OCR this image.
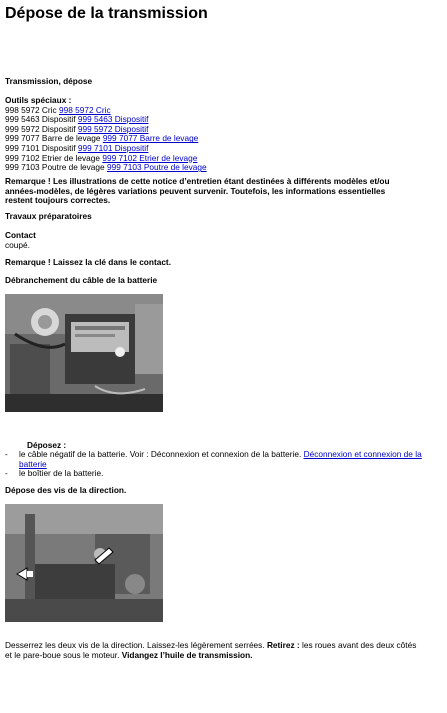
Dépose de la transmission

Transmission, dépose

Outils spéciaux :

998 5972 Cric 998 5972 Cric
999 5463 Dispositif 999 5463 Dispositif
999 5972 Dispositif 999 5972 Dispositif
999 7077 Barre de levage 999 7077 Barre de levage
999 7101 Dispositif 999 7101 Dispositif
999 7102 Etrier de levage 999 7102 Etrier de levage
999 7103 Poutre de levage 999 7103 Poutre de levage

Remarque ! Les illustrations de cette notice d’entretien étant destinées à différents modèles et/ou années-modèles, de légères variations peuvent survenir. Toutefois, les informations essentielles restent toujours correctes.

Travaux préparatoires

Contact

coupé.

Remarque ! Laissez la clé dans le contact.

Débranchement du câble de la batterie

Déposez :

- le câble négatif de la batterie. Voir : Déconnexion et connexion de la batterie. Déconnexion et connexion de la batterie
- le boîtier de la batterie.

Dépose des vis de la direction.

Desserrez les deux vis de la direction. Laissez-les légèrement serrées. Retirez : les roues avant des deux côtés et le pare-boue sous le moteur. Vidangez l’huile de transmission.
